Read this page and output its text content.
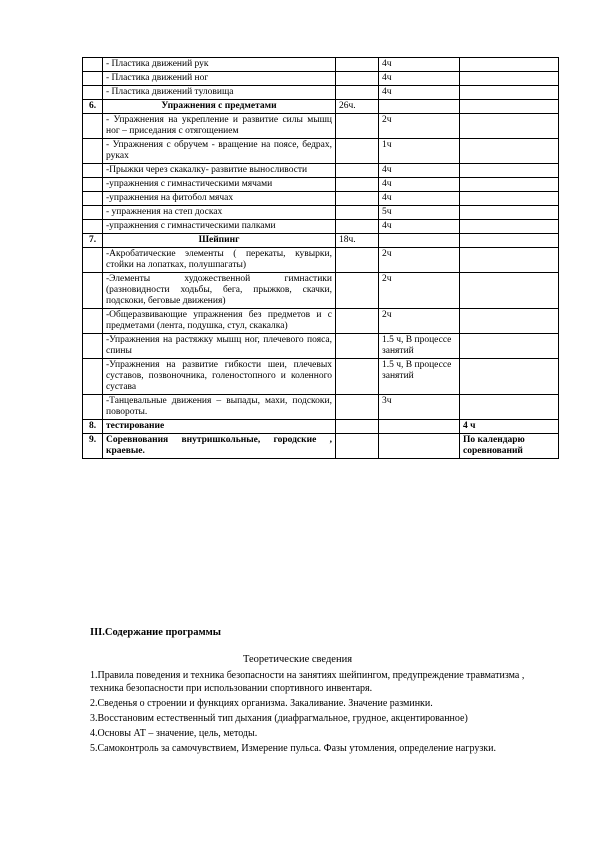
	- Пластика движений рук		4ч	
	- Пластика движений ног		4ч	
	- Пластика движений туловища		4ч	
6.	Упражнения с предметами	26ч.		
	- Упражнения на укрепление и развитие силы мышц ног – приседания с отягощением		2ч	
	- Упражнения с обручем - вращение на поясе, бедрах, руках		1ч	
	-Прыжки через скакалку- развитие выносливости		4ч	
	-упражнения с гимнастическими мячами		4ч	
	-упражнения на фитобол мячах		4ч	
	- упражнения на степ досках		5ч	
	-упражнения с гимнастическими палками		4ч	
7.	Шейпинг	18ч.		
	-Акробатические элементы ( перекаты, кувырки, стойки на лопатках, полушпагаты)		2ч	
	-Элементы художественной гимнастики (разновидности ходьбы, бега, прыжков, скачки, подскоки, беговые движения)		2ч	
	-Общеразвивающие упражнения без предметов и с предметами (лента, подушка, стул, скакалка)		2ч	
	-Упражнения на растяжку мышц ног, плечевого пояса, спины		1.5 ч, В процессе занятий	
	-Упражнения на развитие гибкости шеи, плечевых суставов, позвоночника, голеностопного и коленного сустава		1.5 ч, В процессе занятий	
	-Танцевальные движения – выпады, махи, подскоки, повороты.		3ч	
8.	тестирование			4 ч
9.	Соревнования внутришкольные, городские , краевые.			По календарю соревнований
III.Содержание программы
Теоретические сведения

1.Правила поведения и техника безопасности на занятиях шейпингом, предупреждение травматизма , техника безопасности при использовании спортивного инвентаря.

2.Сведенья о строении и функциях организма. Закаливание. Значение разминки.

3.Восстановим естественный тип дыхания (диафрагмальное, грудное, акцентированное)

4.Основы АТ – значение, цель, методы.

5.Самоконтроль за самочувствием, Измерение пульса. Фазы утомления, определение нагрузки.
